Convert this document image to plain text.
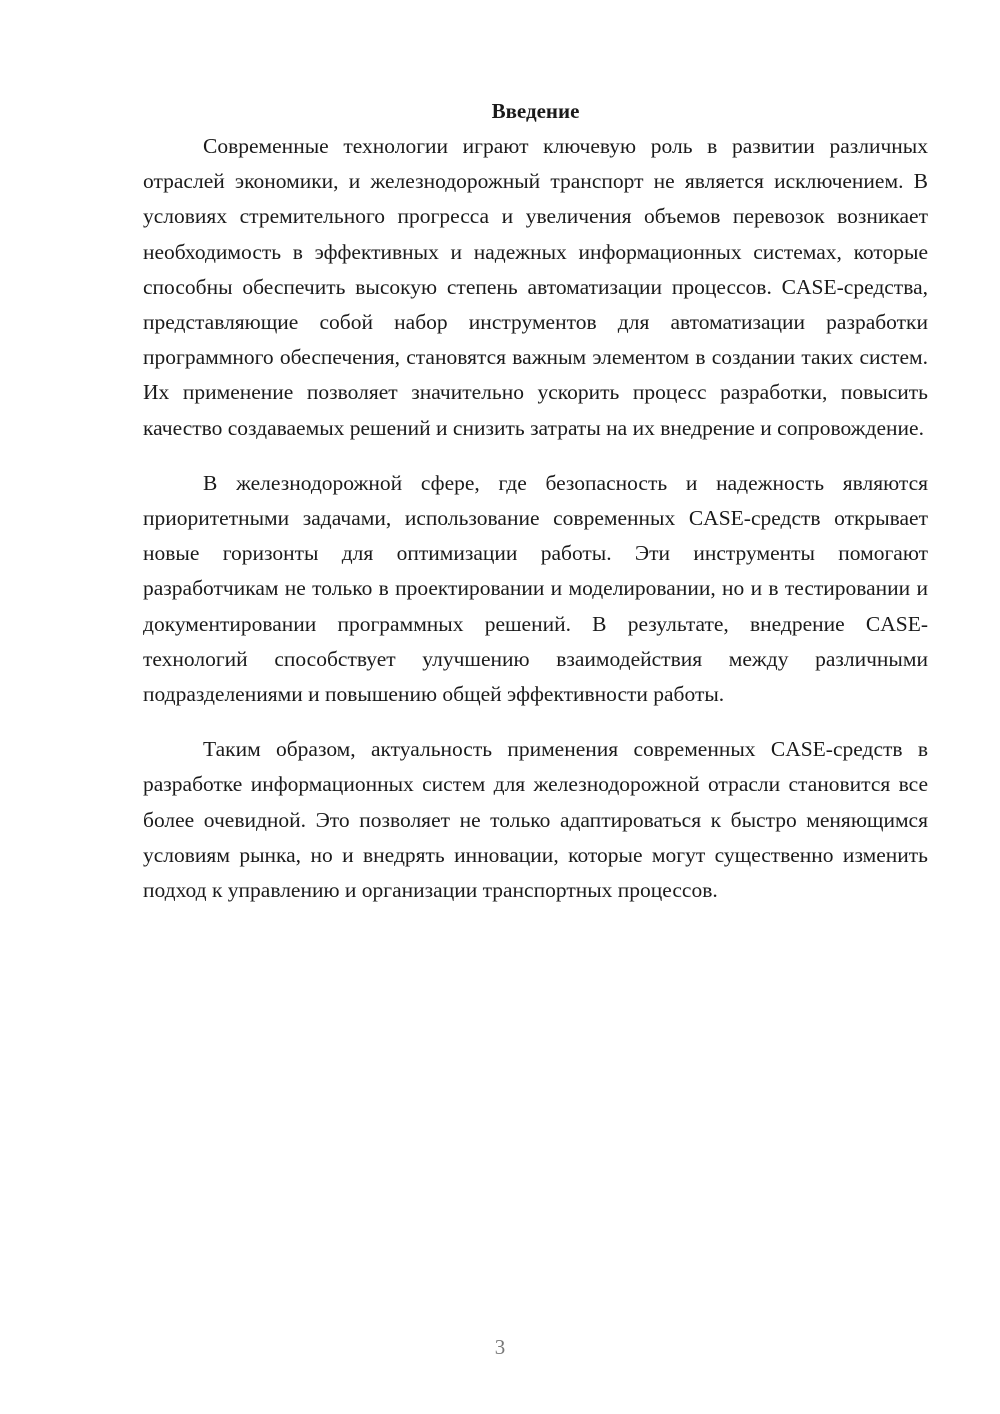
Введение

Современные технологии играют ключевую роль в развитии различных отраслей экономики, и железнодорожный транспорт не является исключением. В условиях стремительного прогресса и увеличения объемов перевозок возникает необходимость в эффективных и надежных информационных системах, которые способны обеспечить высокую степень автоматизации процессов. CASE-средства, представляющие собой набор инструментов для автоматизации разработки программного обеспечения, становятся важным элементом в создании таких систем. Их применение позволяет значительно ускорить процесс разработки, повысить качество создаваемых решений и снизить затраты на их внедрение и сопровождение.

В железнодорожной сфере, где безопасность и надежность являются приоритетными задачами, использование современных CASE-средств открывает новые горизонты для оптимизации работы. Эти инструменты помогают разработчикам не только в проектировании и моделировании, но и в тестировании и документировании программных решений. В результате, внедрение CASE-технологий способствует улучшению взаимодействия между различными подразделениями и повышению общей эффективности работы.

Таким образом, актуальность применения современных CASE-средств в разработке информационных систем для железнодорожной отрасли становится все более очевидной. Это позволяет не только адаптироваться к быстро меняющимся условиям рынка, но и внедрять инновации, которые могут существенно изменить подход к управлению и организации транспортных процессов.

3
